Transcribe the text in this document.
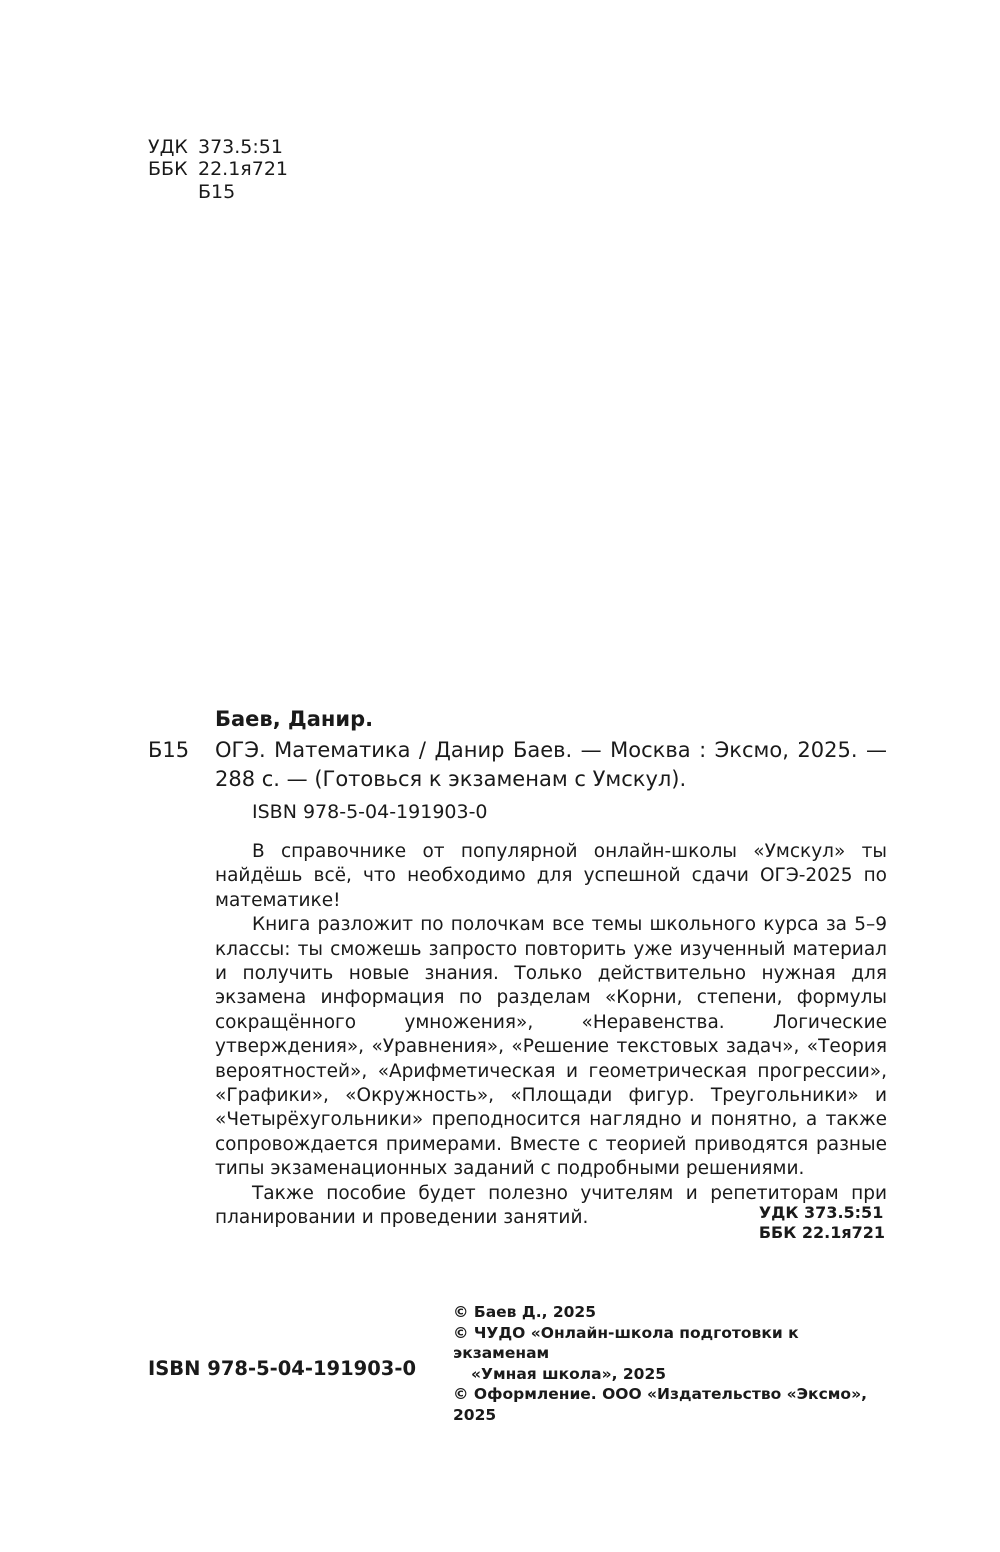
УДК 373.5:51
ББК 22.1я721
Б15
Баев, Данир.
Б15 ОГЭ. Математика / Данир Баев. — Москва : Эксмо, 2025. — 288 с. — (Готовься к экзаменам с Умскул).
ISBN 978-5-04-191903-0

В справочнике от популярной онлайн-школы «Умскул» ты найдёшь всё, что необходимо для успешной сдачи ОГЭ-2025 по математике!

Книга разложит по полочкам все темы школьного курса за 5–9 классы: ты сможешь запросто повторить уже изученный материал и получить новые знания. Только действительно нужная для экзамена информация по разделам «Корни, степени, формулы сокращённого умножения», «Неравенства. Логические утверждения», «Уравнения», «Решение текстовых задач», «Теория вероятностей», «Арифметическая и геометрическая прогрессии», «Графики», «Окружность», «Площади фигур. Треугольники» и «Четырёхугольники» преподносится наглядно и понятно, а также сопровождается примерами. Вместе с теорией приводятся разные типы экзаменационных заданий с подробными решениями.

Также пособие будет полезно учителям и репетиторам при планировании и проведении занятий.	УДК 373.5:51
ББК 22.1я721
ISBN 978-5-04-191903-0
© Баев Д., 2025
© ЧУДО «Онлайн-школа подготовки к экзаменам
«Умная школа», 2025
© Оформление. ООО «Издательство «Эксмо», 2025
